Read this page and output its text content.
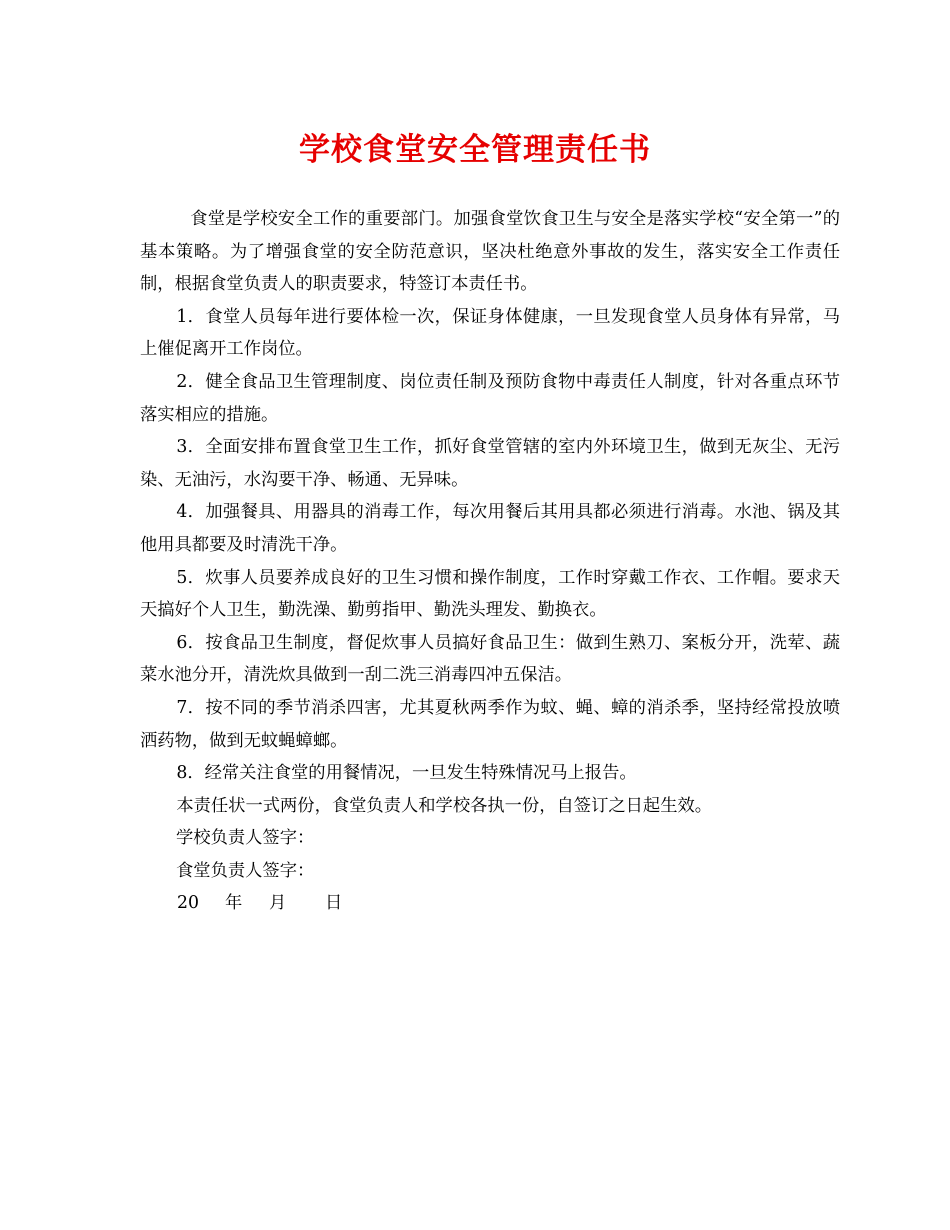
学校食堂安全管理责任书

食堂是学校安全工作的重要部门。加强食堂饮食卫生与安全是落实学校“安全第一”的基本策略。为了增强食堂的安全防范意识，坚决杜绝意外事故的发生，落实安全工作责任制，根据食堂负责人的职责要求，特签订本责任书。

1．食堂人员每年进行要体检一次，保证身体健康，一旦发现食堂人员身体有异常，马上催促离开工作岗位。

2．健全食品卫生管理制度、岗位责任制及预防食物中毒责任人制度，针对各重点环节落实相应的措施。

3．全面安排布置食堂卫生工作，抓好食堂管辖的室内外环境卫生，做到无灰尘、无污染、无油污，水沟要干净、畅通、无异味。

4．加强餐具、用器具的消毒工作，每次用餐后其用具都必须进行消毒。水池、锅及其他用具都要及时清洗干净。

5．炊事人员要养成良好的卫生习惯和操作制度，工作时穿戴工作衣、工作帽。要求天天搞好个人卫生，勤洗澡、勤剪指甲、勤洗头理发、勤换衣。

6．按食品卫生制度，督促炊事人员搞好食品卫生：做到生熟刀、案板分开，洗荤、蔬菜水池分开，清洗炊具做到一刮二洗三消毒四冲五保洁。

7．按不同的季节消杀四害，尤其夏秋两季作为蚊、蝇、蟑的消杀季，坚持经常投放喷洒药物，做到无蚊蝇蟑螂。

8．经常关注食堂的用餐情况，一旦发生特殊情况马上报告。

本责任状一式两份，食堂负责人和学校各执一份，自签订之日起生效。

学校负责人签字：

食堂负责人签字：

20 年 月 日
